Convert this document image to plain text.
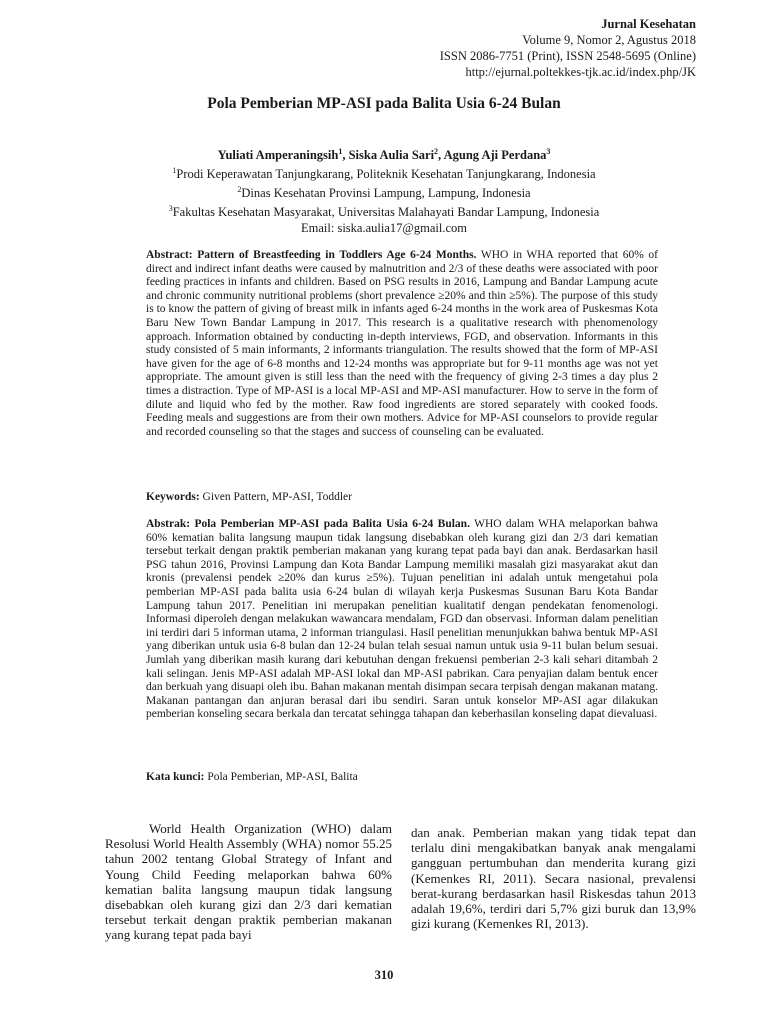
Jurnal Kesehatan
Volume 9, Nomor 2, Agustus 2018
ISSN 2086-7751 (Print), ISSN 2548-5695 (Online)
http://ejurnal.poltekkes-tjk.ac.id/index.php/JK
Pola Pemberian MP-ASI pada Balita Usia 6-24 Bulan
Yuliati Amperaningsih$^1$, Siska Aulia Sari$^2$, Agung Aji Perdana$^3$
$^1$Prodi Keperawatan Tanjungkarang, Politeknik Kesehatan Tanjungkarang, Indonesia
$^2$Dinas Kesehatan Provinsi Lampung, Lampung, Indonesia
$^3$Fakultas Kesehatan Masyarakat, Universitas Malahayati Bandar Lampung, Indonesia
Email: siska.aulia17@gmail.com
Abstract: Pattern of Breastfeeding in Toddlers Age 6-24 Months. WHO in WHA reported that 60% of direct and indirect infant deaths were caused by malnutrition and 2/3 of these deaths were associated with poor feeding practices in infants and children. Based on PSG results in 2016, Lampung and Bandar Lampung acute and chronic community nutritional problems (short prevalence ≥20% and thin ≥5%). The purpose of this study is to know the pattern of giving of breast milk in infants aged 6-24 months in the work area of Puskesmas Kota Baru New Town Bandar Lampung in 2017. This research is a qualitative research with phenomenology approach. Information obtained by conducting in-depth interviews, FGD, and observation. Informants in this study consisted of 5 main informants, 2 informants triangulation. The results showed that the form of MP-ASI have given for the age of 6-8 months and 12-24 months was appropriate but for 9-11 months age was not yet appropriate. The amount given is still less than the need with the frequency of giving 2-3 times a day plus 2 times a distraction. Type of MP-ASI is a local MP-ASI and MP-ASI manufacturer. How to serve in the form of dilute and liquid who fed by the mother. Raw food ingredients are stored separately with cooked foods. Feeding meals and suggestions are from their own mothers. Advice for MP-ASI counselors to provide regular and recorded counseling so that the stages and success of counseling can be evaluated.
Keywords: Given Pattern, MP-ASI, Toddler
Abstrak: Pola Pemberian MP-ASI pada Balita Usia 6-24 Bulan. WHO dalam WHA melaporkan bahwa 60% kematian balita langsung maupun tidak langsung disebabkan oleh kurang gizi dan 2/3 dari kematian tersebut terkait dengan praktik pemberian makanan yang kurang tepat pada bayi dan anak. Berdasarkan hasil PSG tahun 2016, Provinsi Lampung dan Kota Bandar Lampung memiliki masalah gizi masyarakat akut dan kronis (prevalensi pendek ≥20% dan kurus ≥5%). Tujuan penelitian ini adalah untuk mengetahui pola pemberian MP-ASI pada balita usia 6-24 bulan di wilayah kerja Puskesmas Susunan Baru Kota Bandar Lampung tahun 2017. Penelitian ini merupakan penelitian kualitatif dengan pendekatan fenomenologi. Informasi diperoleh dengan melakukan wawancara mendalam, FGD dan observasi. Informan dalam penelitian ini terdiri dari 5 informan utama, 2 informan triangulasi. Hasil penelitian menunjukkan bahwa bentuk MP-ASI yang diberikan untuk usia 6-8 bulan dan 12-24 bulan telah sesuai namun untuk usia 9-11 bulan belum sesuai. Jumlah yang diberikan masih kurang dari kebutuhan dengan frekuensi pemberian 2-3 kali sehari ditambah 2 kali selingan. Jenis MP-ASI adalah MP-ASI lokal dan MP-ASI pabrikan. Cara penyajian dalam bentuk encer dan berkuah yang disuapi oleh ibu. Bahan makanan mentah disimpan secara terpisah dengan makanan matang. Makanan pantangan dan anjuran berasal dari ibu sendiri. Saran untuk konselor MP-ASI agar dilakukan pemberian konseling secara berkala dan tercatat sehingga tahapan dan keberhasilan konseling dapat dievaluasi.
Kata kunci: Pola Pemberian, MP-ASI, Balita
World Health Organization (WHO) dalam Resolusi World Health Assembly (WHA) nomor 55.25 tahun 2002 tentang Global Strategy of Infant and Young Child Feeding melaporkan bahwa 60% kematian balita langsung maupun tidak langsung disebabkan oleh kurang gizi dan 2/3 dari kematian tersebut terkait dengan praktik pemberian makanan yang kurang tepat pada bayi
dan anak. Pemberian makan yang tidak tepat dan terlalu dini mengakibatkan banyak anak mengalami gangguan pertumbuhan dan menderita kurang gizi (Kemenkes RI, 2011). Secara nasional, prevalensi berat-kurang berdasarkan hasil Riskesdas tahun 2013 adalah 19,6%, terdiri dari 5,7% gizi buruk dan 13,9% gizi kurang (Kemenkes RI, 2013).
310
